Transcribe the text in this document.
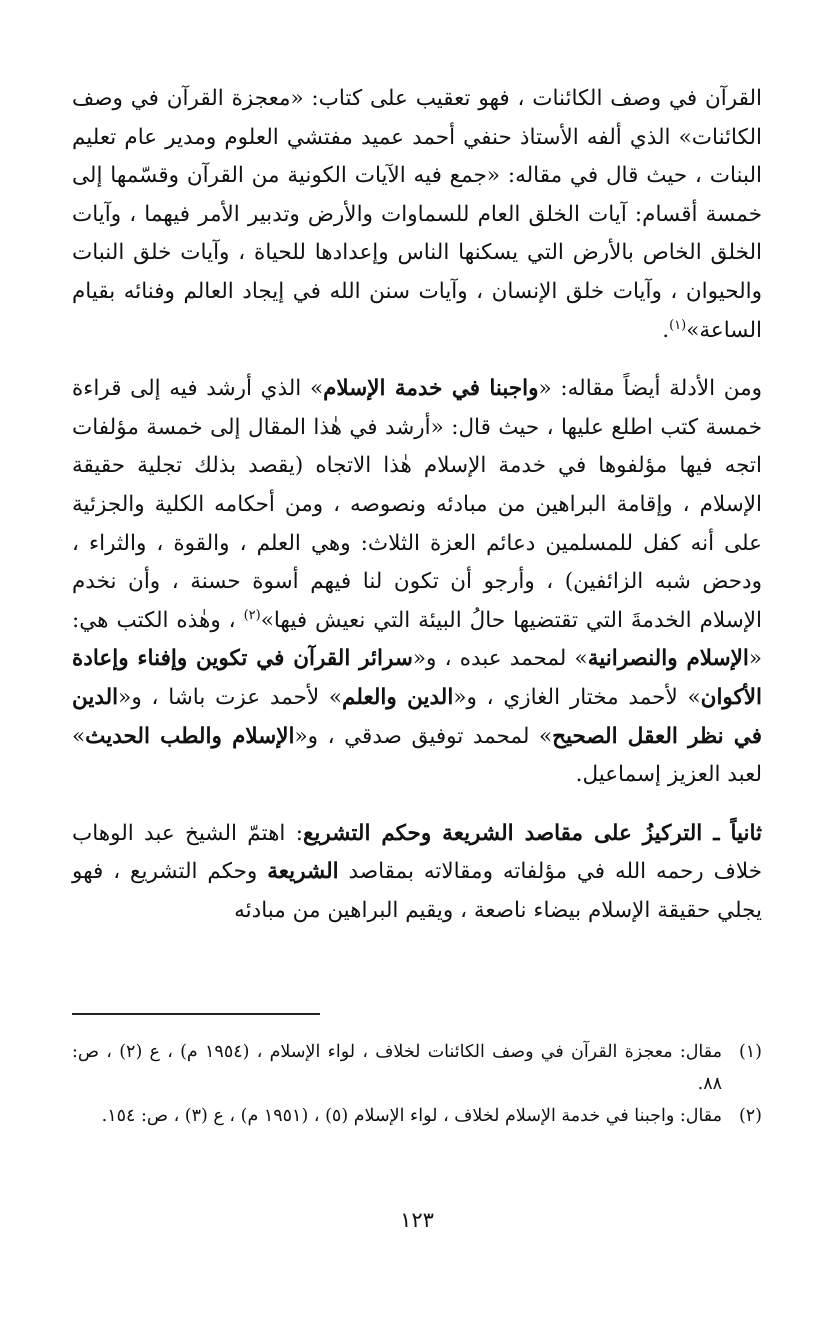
القرآن في وصف الكائنات ، فهو تعقيب على كتاب: «معجزة القرآن في وصف الكائنات» الذي ألفه الأستاذ حنفي أحمد عميد مفتشي العلوم ومدير عام تعليم البنات ، حيث قال في مقاله: «جمع فيه الآيات الكونية من القرآن وقسّمها إلى خمسة أقسام: آيات الخلق العام للسماوات والأرض وتدبير الأمر فيهما ، وآيات الخلق الخاص بالأرض التي يسكنها الناس وإعدادها للحياة ، وآيات خلق النبات والحيوان ، وآيات خلق الإنسان ، وآيات سنن الله في إيجاد العالم وفنائه بقيام الساعة»$^{(١)}$.

ومن الأدلة أيضاً مقاله: «واجبنا في خدمة الإسلام» الذي أرشد فيه إلى قراءة خمسة كتب اطلع عليها ، حيث قال: «أرشد في هٰذا المقال إلى خمسة مؤلفات اتجه فيها مؤلفوها في خدمة الإسلام هٰذا الاتجاه (يقصد بذلك تجلية حقيقة الإسلام ، وإقامة البراهين من مبادئه ونصوصه ، ومن أحكامه الكلية والجزئية على أنه كفل للمسلمين دعائم العزة الثلاث: وهي العلم ، والقوة ، والثراء ، ودحض شبه الزائفين) ، وأرجو أن تكون لنا فيهم أسوة حسنة ، وأن نخدم الإسلام الخدمةَ التي تقتضيها حالُ البيئة التي نعيش فيها»$^{(٢)}$ ، وهٰذه الكتب هي: «الإسلام والنصرانية» لمحمد عبده ، و«سرائر القرآن في تكوين وإفناء وإعادة الأكوان» لأحمد مختار الغازي ، و«الدين والعلم» لأحمد عزت باشا ، و«الدين في نظر العقل الصحيح» لمحمد توفيق صدقي ، و«الإسلام والطب الحديث» لعبد العزيز إسماعيل.

ثانياً ـ التركيزُ على مقاصد الشريعة وحكم التشريع: اهتمّ الشيخ عبد الوهاب خلاف رحمه الله في مؤلفاته ومقالاته بمقاصد الشريعة وحكم التشريع ، فهو يجلي حقيقة الإسلام بيضاء ناصعة ، ويقيم البراهين من مبادئه

(١)
مقال: معجزة القرآن في وصف الكائنات لخلاف ، لواء الإسلام ، (١٩٥٤ م) ، ع (٢) ، ص: ٨٨.
(٢)
مقال: واجبنا في خدمة الإسلام لخلاف ، لواء الإسلام (٥) ، (١٩٥١ م) ، ع (٣) ، ص: ١٥٤.
١٢٣
